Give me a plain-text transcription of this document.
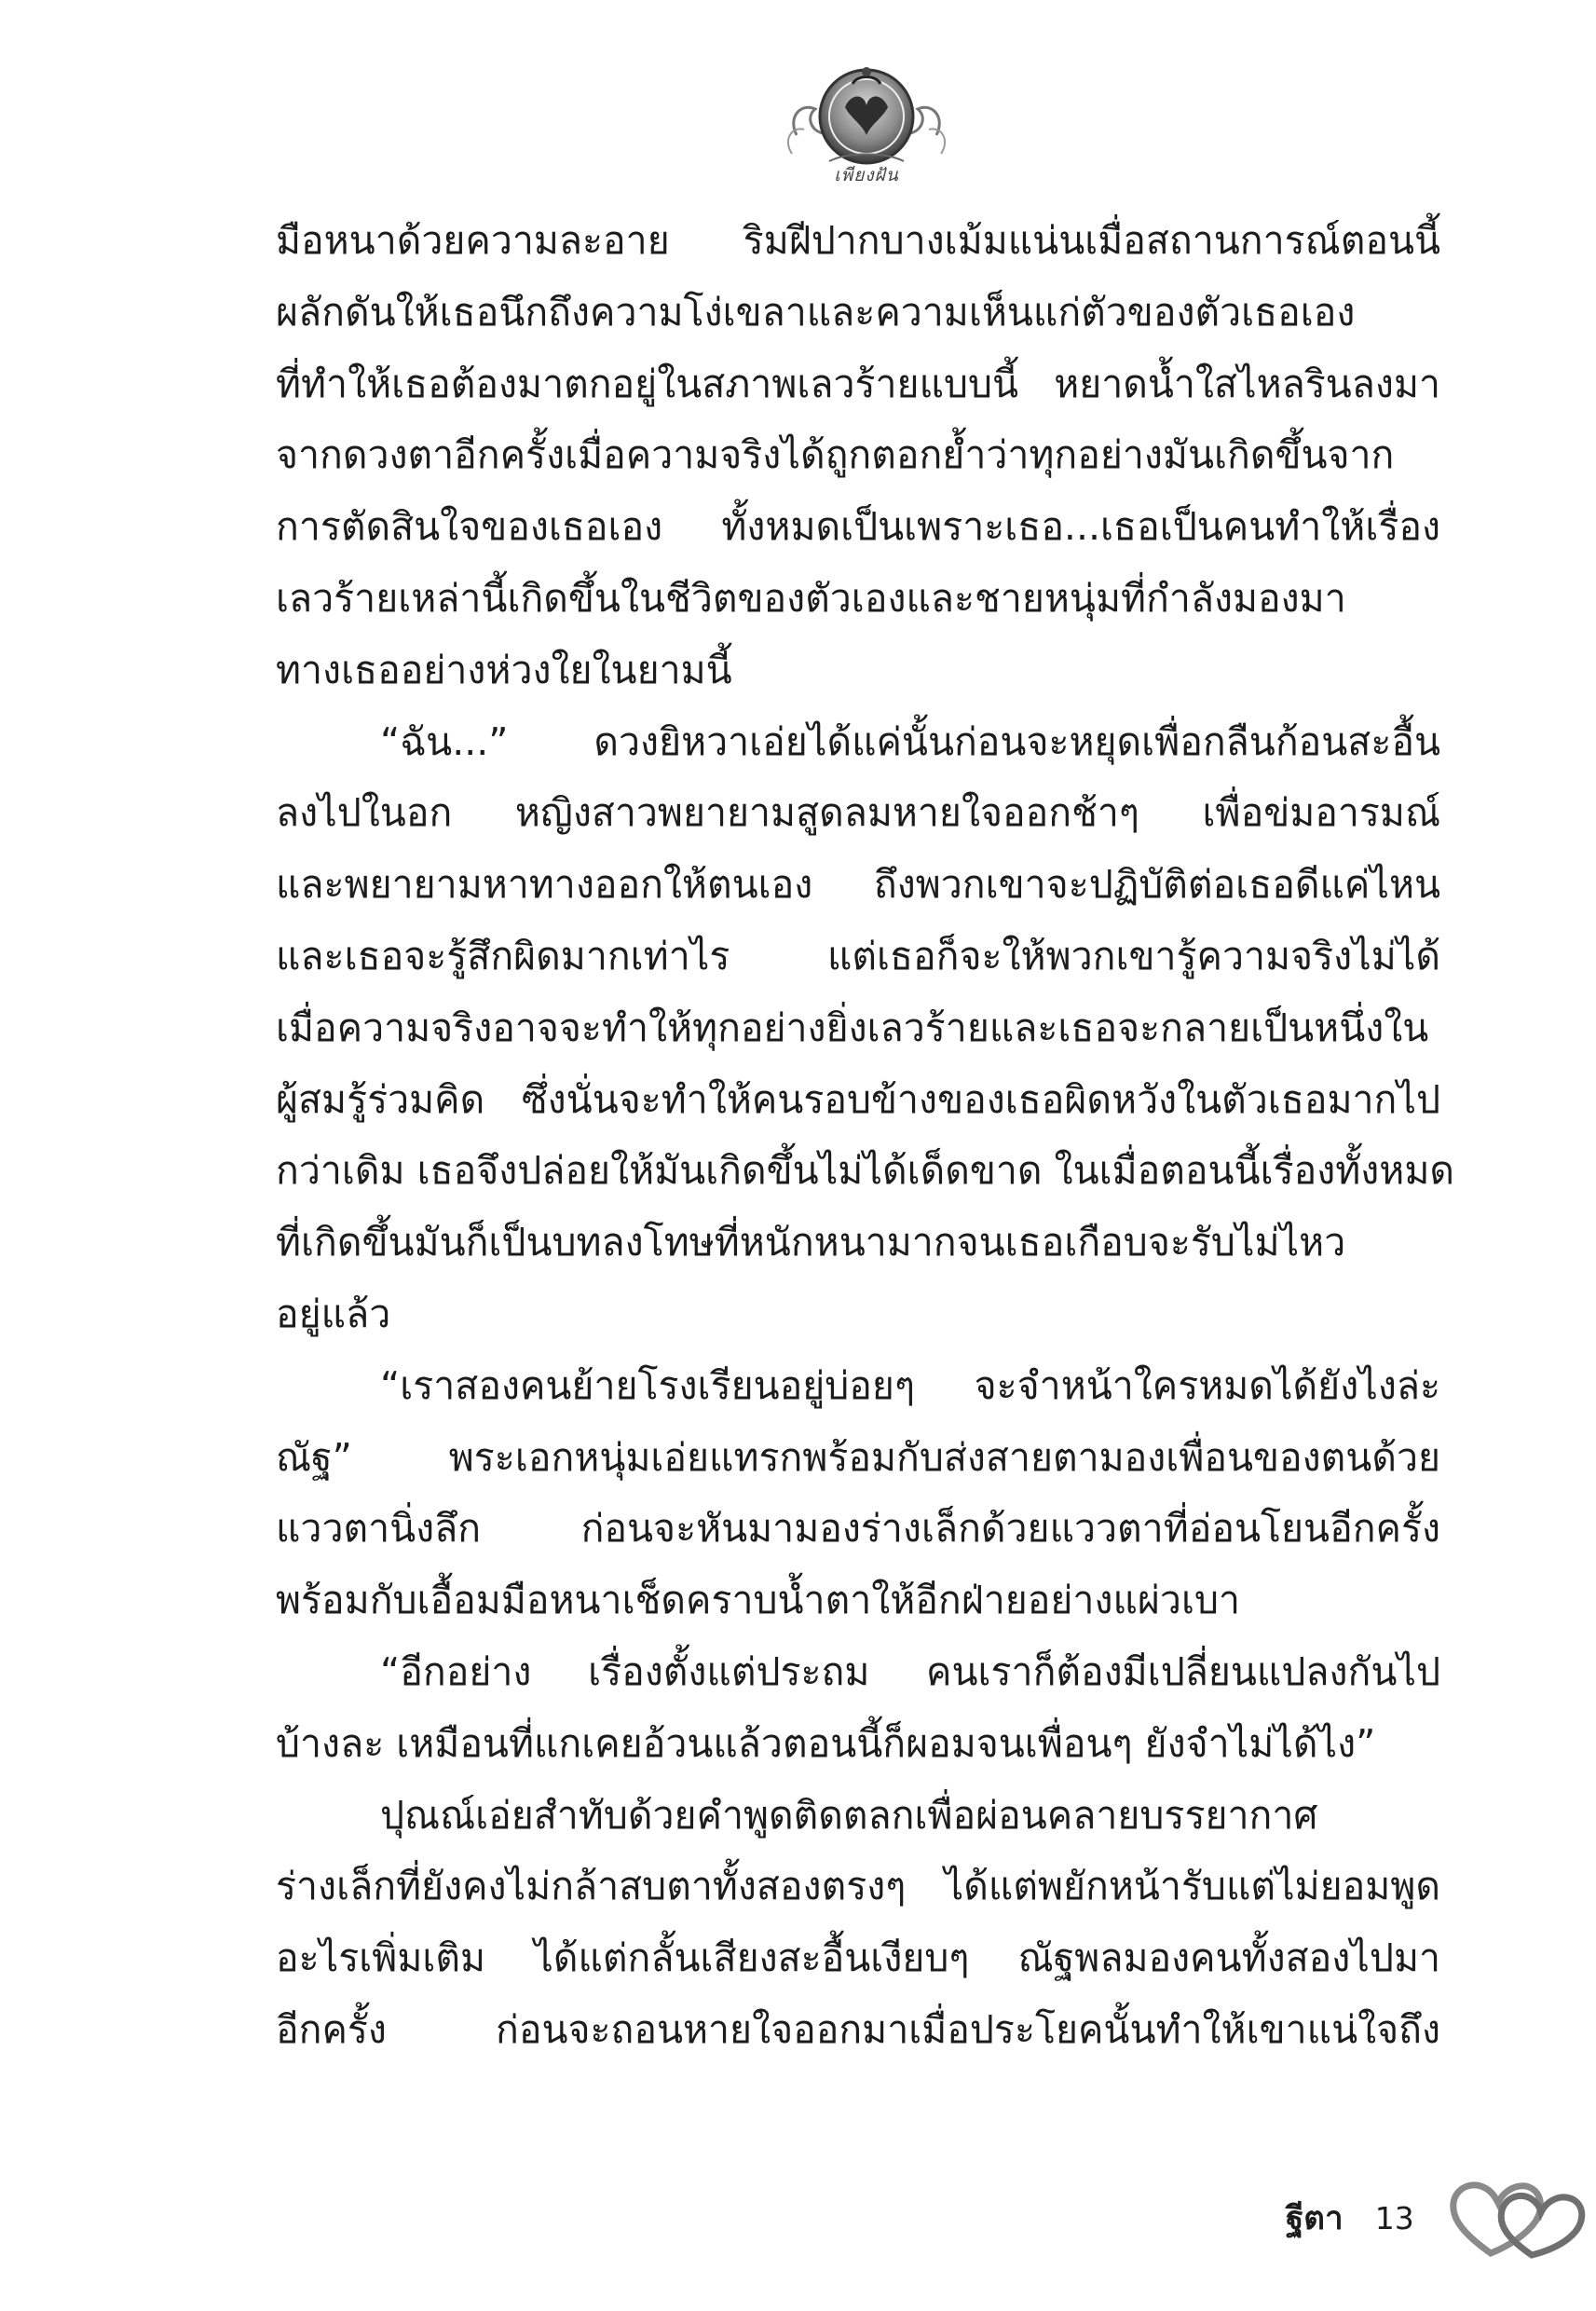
เพียงฝัน
มือหนาด้วยความละอาย ริมฝีปากบางเม้มแน่นเมื่อสถานการณ์ตอนนี้
ผลักดันให้เธอนึกถึงความโง่เขลาและความเห็นแก่ตัวของตัวเธอเอง
ที่ทำให้เธอต้องมาตกอยู่ในสภาพเลวร้ายแบบนี้ หยาดน้ำใสไหลรินลงมา
จากดวงตาอีกครั้งเมื่อความจริงได้ถูกตอกย้ำว่าทุกอย่างมันเกิดขึ้นจาก
การตัดสินใจของเธอเอง ทั้งหมดเป็นเพราะเธอ...เธอเป็นคนทำให้เรื่อง
เลวร้ายเหล่านี้เกิดขึ้นในชีวิตของตัวเองและชายหนุ่มที่กำลังมองมา
ทางเธออย่างห่วงใยในยามนี้
“ฉัน...” ดวงยิหวาเอ่ยได้แค่นั้นก่อนจะหยุดเพื่อกลืนก้อนสะอื้น
ลงไปในอก หญิงสาวพยายามสูดลมหายใจออกช้าๆ เพื่อข่มอารมณ์
และพยายามหาทางออกให้ตนเอง ถึงพวกเขาจะปฏิบัติต่อเธอดีแค่ไหน
และเธอจะรู้สึกผิดมากเท่าไร แต่เธอก็จะให้พวกเขารู้ความจริงไม่ได้
เมื่อความจริงอาจจะทำให้ทุกอย่างยิ่งเลวร้ายและเธอจะกลายเป็นหนึ่งใน
ผู้สมรู้ร่วมคิด ซึ่งนั่นจะทำให้คนรอบข้างของเธอผิดหวังในตัวเธอมากไป
กว่าเดิม เธอจึงปล่อยให้มันเกิดขึ้นไม่ได้เด็ดขาด ในเมื่อตอนนี้เรื่องทั้งหมด
ที่เกิดขึ้นมันก็เป็นบทลงโทษที่หนักหนามากจนเธอเกือบจะรับไม่ไหว
อยู่แล้ว
“เราสองคนย้ายโรงเรียนอยู่บ่อยๆ จะจำหน้าใครหมดได้ยังไงล่ะ
ณัฐ” พระเอกหนุ่มเอ่ยแทรกพร้อมกับส่งสายตามองเพื่อนของตนด้วย
แววตานิ่งลึก ก่อนจะหันมามองร่างเล็กด้วยแววตาที่อ่อนโยนอีกครั้ง
พร้อมกับเอื้อมมือหนาเช็ดคราบน้ำตาให้อีกฝ่ายอย่างแผ่วเบา
“อีกอย่าง เรื่องตั้งแต่ประถม คนเราก็ต้องมีเปลี่ยนแปลงกันไป
บ้างละ เหมือนที่แกเคยอ้วนแล้วตอนนี้ก็ผอมจนเพื่อนๆ ยังจำไม่ได้ไง”
ปุณณ์เอ่ยสำทับด้วยคำพูดติดตลกเพื่อผ่อนคลายบรรยากาศ
ร่างเล็กที่ยังคงไม่กล้าสบตาทั้งสองตรงๆ ได้แต่พยักหน้ารับแต่ไม่ยอมพูด
อะไรเพิ่มเติม ได้แต่กลั้นเสียงสะอื้นเงียบๆ ณัฐพลมองคนทั้งสองไปมา
อีกครั้ง ก่อนจะถอนหายใจออกมาเมื่อประโยคนั้นทำให้เขาแน่ใจถึง
ฐีตา 13
